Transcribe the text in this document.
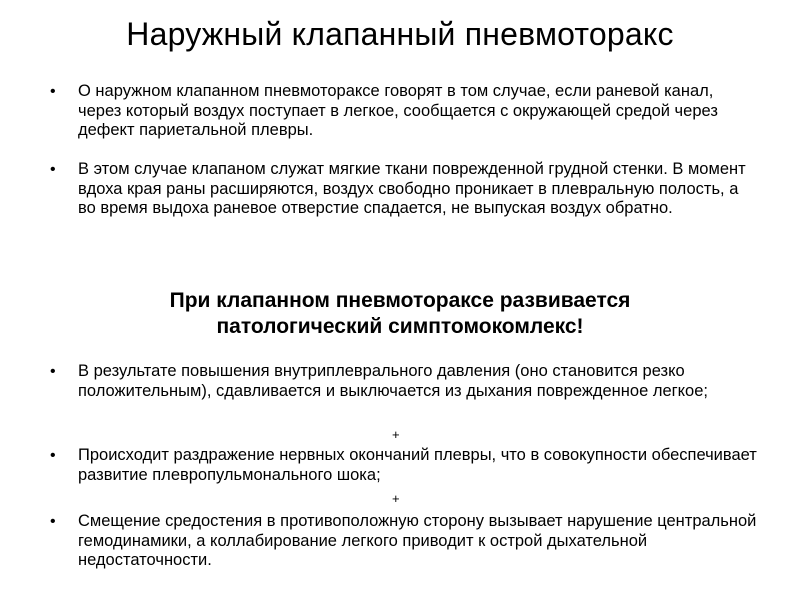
Наружный клапанный пневмоторакс
• О наружном клапанном пневмотораксе говорят в том случае, если раневой канал, через который воздух поступает в легкое, сообщается с окружающей средой через дефект париетальной плевры.
• В этом случае клапаном служат мягкие ткани поврежденной грудной стенки. В момент вдоха края раны расширяются, воздух свободно проникает в плевральную полость, а во время выдоха раневое отверстие спадается, не выпуская воздух обратно.
При клапанном пневмотораксе развивается
патологический симптомокомлекс!
• В результате повышения внутриплеврального давления (оно становится резко положительным), сдавливается и выключается из дыхания поврежденное легкое;
+
• Происходит раздражение нервных окончаний плевры, что в совокупности обеспечивает развитие плевропульмонального шока;
+
• Смещение средостения в противоположную сторону вызывает нарушение центральной гемодинамики, а коллабирование легкого приводит к острой дыхательной недостаточности.
